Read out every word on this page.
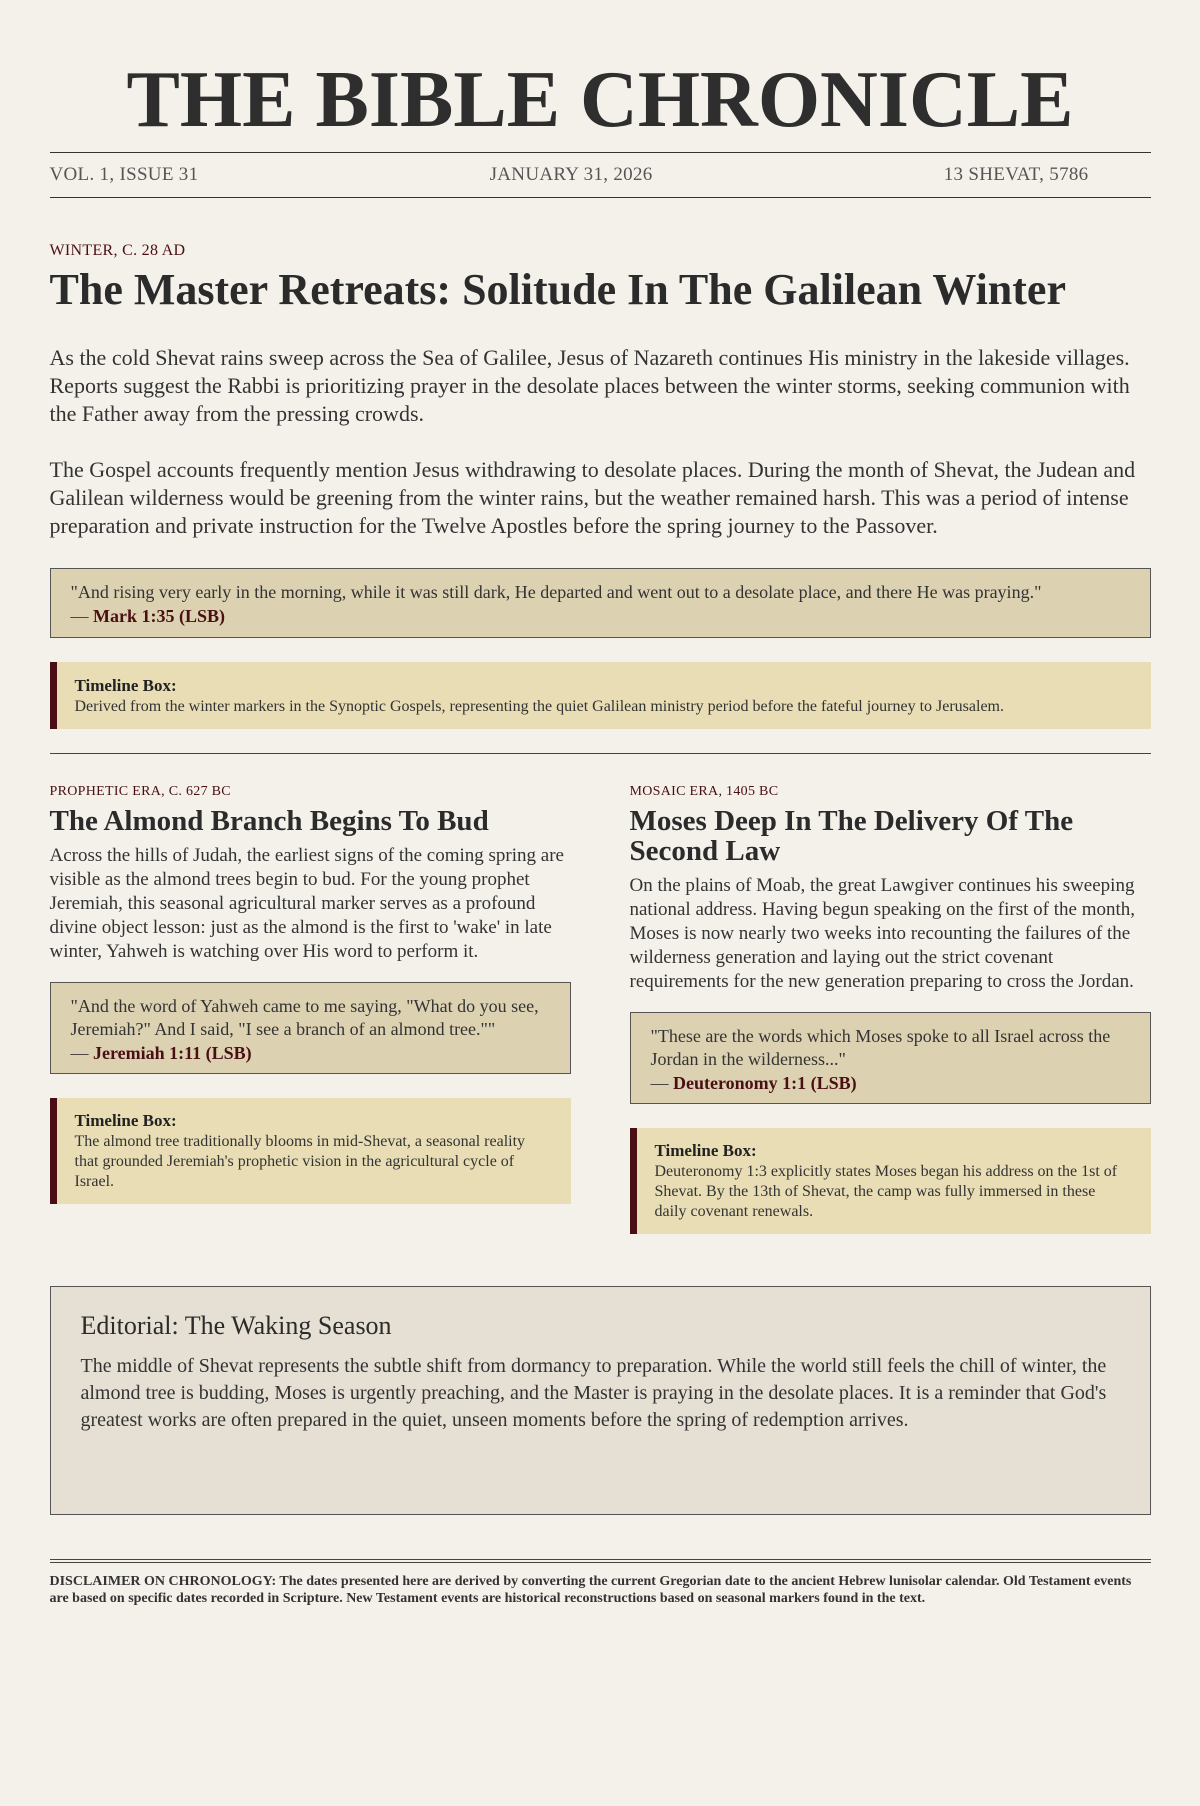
THE BIBLE CHRONICLE
VOL. 1, ISSUE 31	JANUARY 31, 2026	13 SHEVAT, 5786
WINTER, C. 28 AD
The Master Retreats: Solitude In The Galilean Winter

As the cold Shevat rains sweep across the Sea of Galilee, Jesus of Nazareth continues His ministry in the lakeside villages. Reports suggest the Rabbi is prioritizing prayer in the desolate places between the winter storms, seeking communion with the Father away from the pressing crowds.

The Gospel accounts frequently mention Jesus withdrawing to desolate places. During the month of Shevat, the Judean and Galilean wilderness would be greening from the winter rains, but the weather remained harsh. This was a period of intense preparation and private instruction for the Twelve Apostles before the spring journey to the Passover.

"And rising very early in the morning, while it was still dark, He departed and went out to a desolate place, and there He was praying."
— Mark 1:35 (LSB)
Timeline Box:
Derived from the winter markers in the Synoptic Gospels, representing the quiet Galilean ministry period before the fateful journey to Jerusalem.
PROPHETIC ERA, C. 627 BC
The Almond Branch Begins To Bud

Across the hills of Judah, the earliest signs of the coming spring are visible as the almond trees begin to bud. For the young prophet Jeremiah, this seasonal agricultural marker serves as a profound divine object lesson: just as the almond is the first to 'wake' in late winter, Yahweh is watching over His word to perform it.

"And the word of Yahweh came to me saying, "What do you see, Jeremiah?" And I said, "I see a branch of an almond tree.""
— Jeremiah 1:11 (LSB)
Timeline Box:
The almond tree traditionally blooms in mid-Shevat, a seasonal reality that grounded Jeremiah's prophetic vision in the agricultural cycle of Israel.
MOSAIC ERA, 1405 BC
Moses Deep In The Delivery Of The Second Law

On the plains of Moab, the great Lawgiver continues his sweeping national address. Having begun speaking on the first of the month, Moses is now nearly two weeks into recounting the failures of the wilderness generation and laying out the strict covenant requirements for the new generation preparing to cross the Jordan.

"These are the words which Moses spoke to all Israel across the Jordan in the wilderness..."
— Deuteronomy 1:1 (LSB)
Timeline Box:
Deuteronomy 1:3 explicitly states Moses began his address on the 1st of Shevat. By the 13th of Shevat, the camp was fully immersed in these daily covenant renewals.
Editorial: The Waking Season
The middle of Shevat represents the subtle shift from dormancy to preparation. While the world still feels the chill of winter, the almond tree is budding, Moses is urgently preaching, and the Master is praying in the desolate places. It is a reminder that God's greatest works are often prepared in the quiet, unseen moments before the spring of redemption arrives.
DISCLAIMER ON CHRONOLOGY: The dates presented here are derived by converting the current Gregorian date to the ancient Hebrew lunisolar calendar. Old Testament events are based on specific dates recorded in Scripture. New Testament events are historical reconstructions based on seasonal markers found in the text.
